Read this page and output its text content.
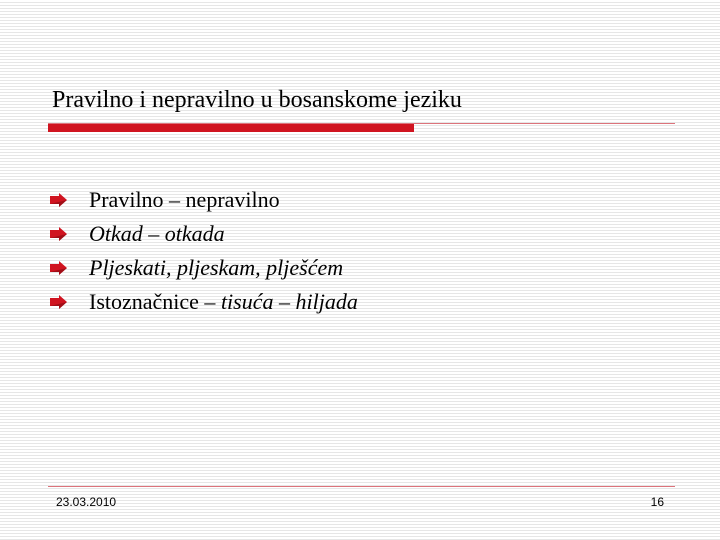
Pravilno i nepravilno u bosanskome jeziku
Pravilno – nepravilno
Otkad – otkada
Pljeskati, pljeskam, plješćem
Istoznačnice – tisuća – hiljada
23.03.2010	16
